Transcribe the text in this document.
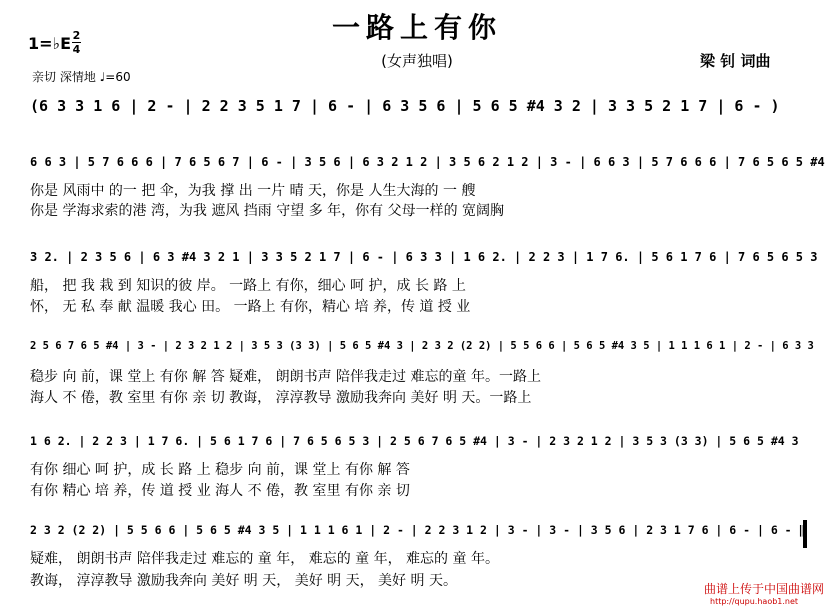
一路上有你
(女声独唱)	梁 钊 词曲
1=♭E 2
4
亲切 深情地 ♩=60
(6 3 3 1 6 | 2 - | 2 2 3 5 1 7 | 6 - | 6 3 5 6 | 5 6 5 #4 3 2 | 3 3 5 2 1 7 | 6 - )
6 6 3 | 5 7 6 6 6 | 7 6 5 6 7 | 6 - | 3 5 6 | 6 3 2 1 2 | 3 5 6 2 1 2 | 3 - | 6 6 3 | 5 7 6 6 6 | 7 6 5 6 5 #4
你是 风雨中 的一 把 伞，为我 撑 出 一片 晴 天，你是 人生大海的 一 艘
你是 学海求索的港 湾，为我 遮风 挡雨 守望 多 年，你有 父母一样的 宽阔胸
3 2. | 2 3 5 6 | 6 3 #4 3 2 1 | 3 3 5 2 1 7 | 6 - | 6 3 3 | 1 6 2. | 2 2 3 | 1 7 6. | 5 6 1 7 6 | 7 6 5 6 5 3
船， 把 我 栽 到 知识的彼 岸。 一路上 有你，细心 呵 护，成 长 路 上
怀， 无 私 奉 献 温暖 我心 田。 一路上 有你，精心 培 养，传 道 授 业
2 5 6 7 6 5 #4 | 3 - | 2 3 2 1 2 | 3 5 3 (3 3) | 5 6 5 #4 3 | 2 3 2 (2 2) | 5 5 6 6 | 5 6 5 #4 3 5 | 1 1 1 6 1 | 2 - | 6 3 3
稳步 向 前，课 堂上 有你 解 答 疑难， 朗朗书声 陪伴我走过 难忘的童 年。一路上
海人 不 倦，教 室里 有你 亲 切 教诲， 淳淳教导 激励我奔向 美好 明 天。一路上
1 6 2. | 2 2 3 | 1 7 6. | 5 6 1 7 6 | 7 6 5 6 5 3 | 2 5 6 7 6 5 #4 | 3 - | 2 3 2 1 2 | 3 5 3 (3 3) | 5 6 5 #4 3
有你 细心 呵 护，成 长 路 上 稳步 向 前，课 堂上 有你 解 答
有你 精心 培 养，传 道 授 业 海人 不 倦，教 室里 有你 亲 切
2 3 2 (2 2) | 5 5 6 6 | 5 6 5 #4 3 5 | 1 1 1 6 1 | 2 - | 2 2 3 1 2 | 3 - | 3 - | 3 5 6 | 2 3 1 7 6 | 6 - | 6 - ‖
疑难， 朗朗书声 陪伴我走过 难忘的 童 年， 难忘的 童 年， 难忘的 童 年。
教诲， 淳淳教导 激励我奔向 美好 明 天， 美好 明 天， 美好 明 天。	曲谱上传于中国曲谱网
http://qupu.haob1.net
